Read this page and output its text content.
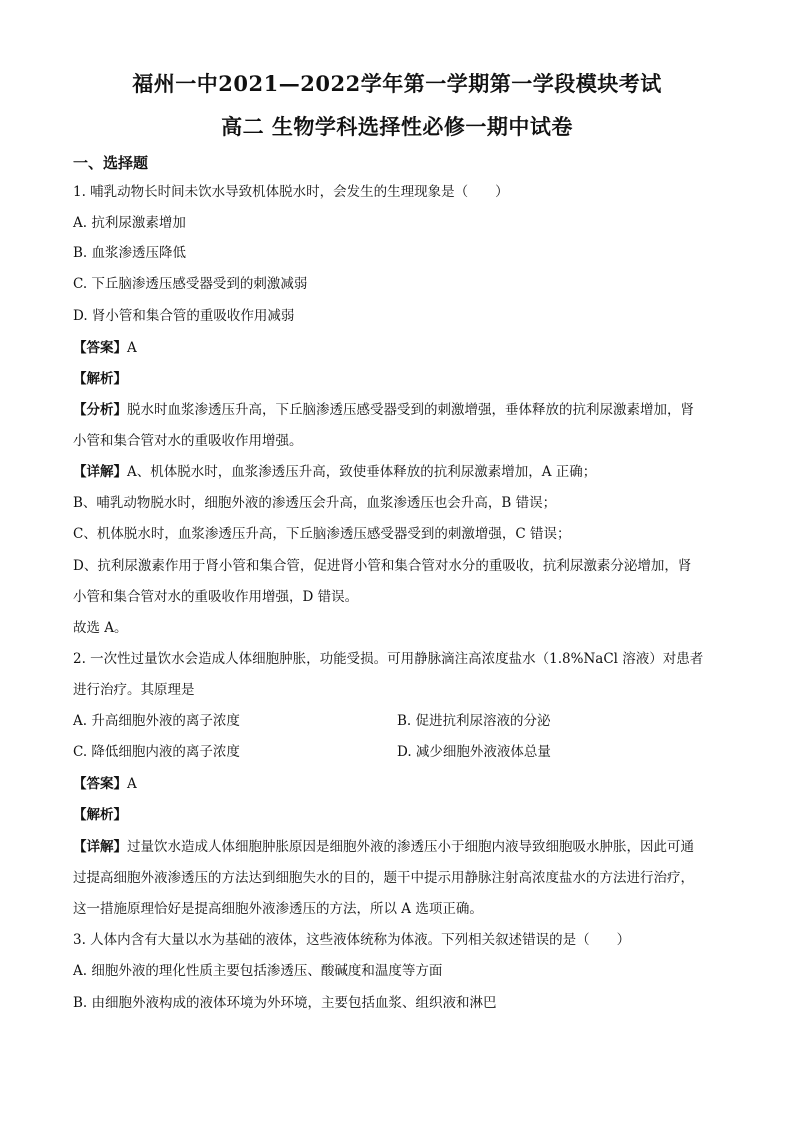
福州一中2021—2022学年第一学期第一学段模块考试
高二 生物学科选择性必修一期中试卷
一、选择题
1. 哺乳动物长时间未饮水导致机体脱水时，会发生的生理现象是（　　）
A. 抗利尿激素增加
B. 血浆渗透压降低
C. 下丘脑渗透压感受器受到的刺激减弱
D. 肾小管和集合管的重吸收作用减弱
【答案】A
【解析】
【分析】脱水时血浆渗透压升高，下丘脑渗透压感受器受到的刺激增强，垂体释放的抗利尿激素增加，肾
小管和集合管对水的重吸收作用增强。
【详解】A、机体脱水时，血浆渗透压升高，致使垂体释放的抗利尿激素增加，A 正确；
B、哺乳动物脱水时，细胞外液的渗透压会升高，血浆渗透压也会升高，B 错误；
C、机体脱水时，血浆渗透压升高，下丘脑渗透压感受器受到的刺激增强，C 错误；
D、抗利尿激素作用于肾小管和集合管，促进肾小管和集合管对水分的重吸收，抗利尿激素分泌增加，肾
小管和集合管对水的重吸收作用增强，D 错误。
故选 A。
2. 一次性过量饮水会造成人体细胞肿胀，功能受损。可用静脉滴注高浓度盐水（1.8%NaCl 溶液）对患者
进行治疗。其原理是
A. 升高细胞外液的离子浓度	B. 促进抗利尿溶液的分泌
C. 降低细胞内液的离子浓度	D. 减少细胞外液液体总量
【答案】A
【解析】
【详解】过量饮水造成人体细胞肿胀原因是细胞外液的渗透压小于细胞内液导致细胞吸水肿胀，因此可通
过提高细胞外液渗透压的方法达到细胞失水的目的，题干中提示用静脉注射高浓度盐水的方法进行治疗，
这一措施原理恰好是提高细胞外液渗透压的方法，所以 A 选项正确。
3. 人体内含有大量以水为基础的液体，这些液体统称为体液。下列相关叙述错误的是（　　）
A. 细胞外液的理化性质主要包括渗透压、酸碱度和温度等方面
B. 由细胞外液构成的液体环境为外环境，主要包括血浆、组织液和淋巴
